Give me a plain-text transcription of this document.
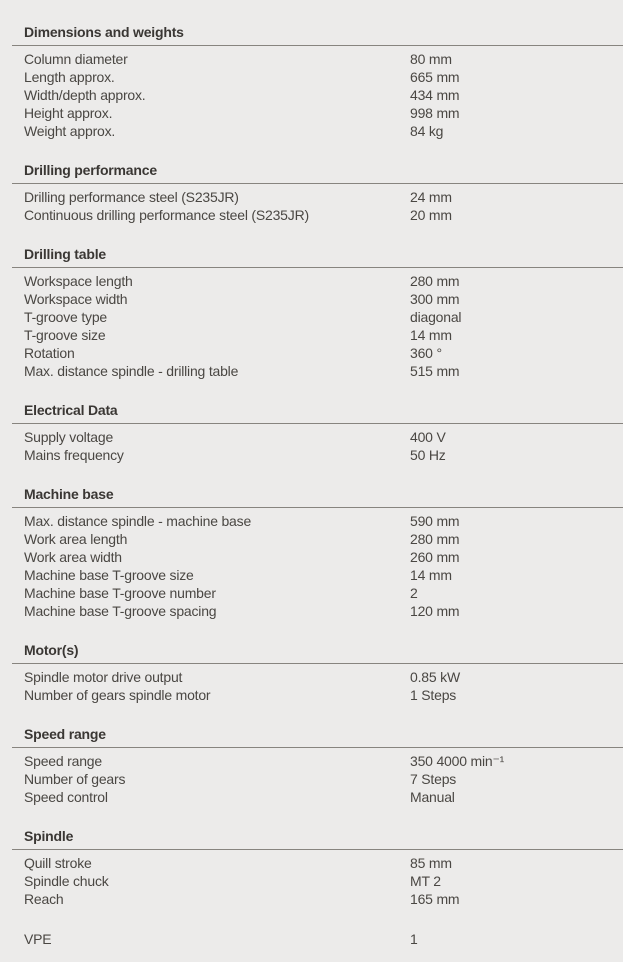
Dimensions and weights
Column diameter	80 mm
Length approx.	665 mm
Width/depth approx.	434 mm
Height approx.	998 mm
Weight approx.	84 kg
Drilling performance
Drilling performance steel (S235JR)	24 mm
Continuous drilling performance steel (S235JR)	20 mm
Drilling table
Workspace length	280 mm
Workspace width	300 mm
T-groove type	diagonal
T-groove size	14 mm
Rotation	360 °
Max. distance spindle - drilling table	515 mm
Electrical Data
Supply voltage	400 V
Mains frequency	50 Hz
Machine base
Max. distance spindle - machine base	590 mm
Work area length	280 mm
Work area width	260 mm
Machine base T-groove size	14 mm
Machine base T-groove number	2
Machine base T-groove spacing	120 mm
Motor(s)
Spindle motor drive output	0.85 kW
Number of gears spindle motor	1 Steps
Speed range
Speed range	350 4000 min⁻¹
Number of gears	7 Steps
Speed control	Manual
Spindle
Quill stroke	85 mm
Spindle chuck	MT 2
Reach	165 mm
VPE	1
